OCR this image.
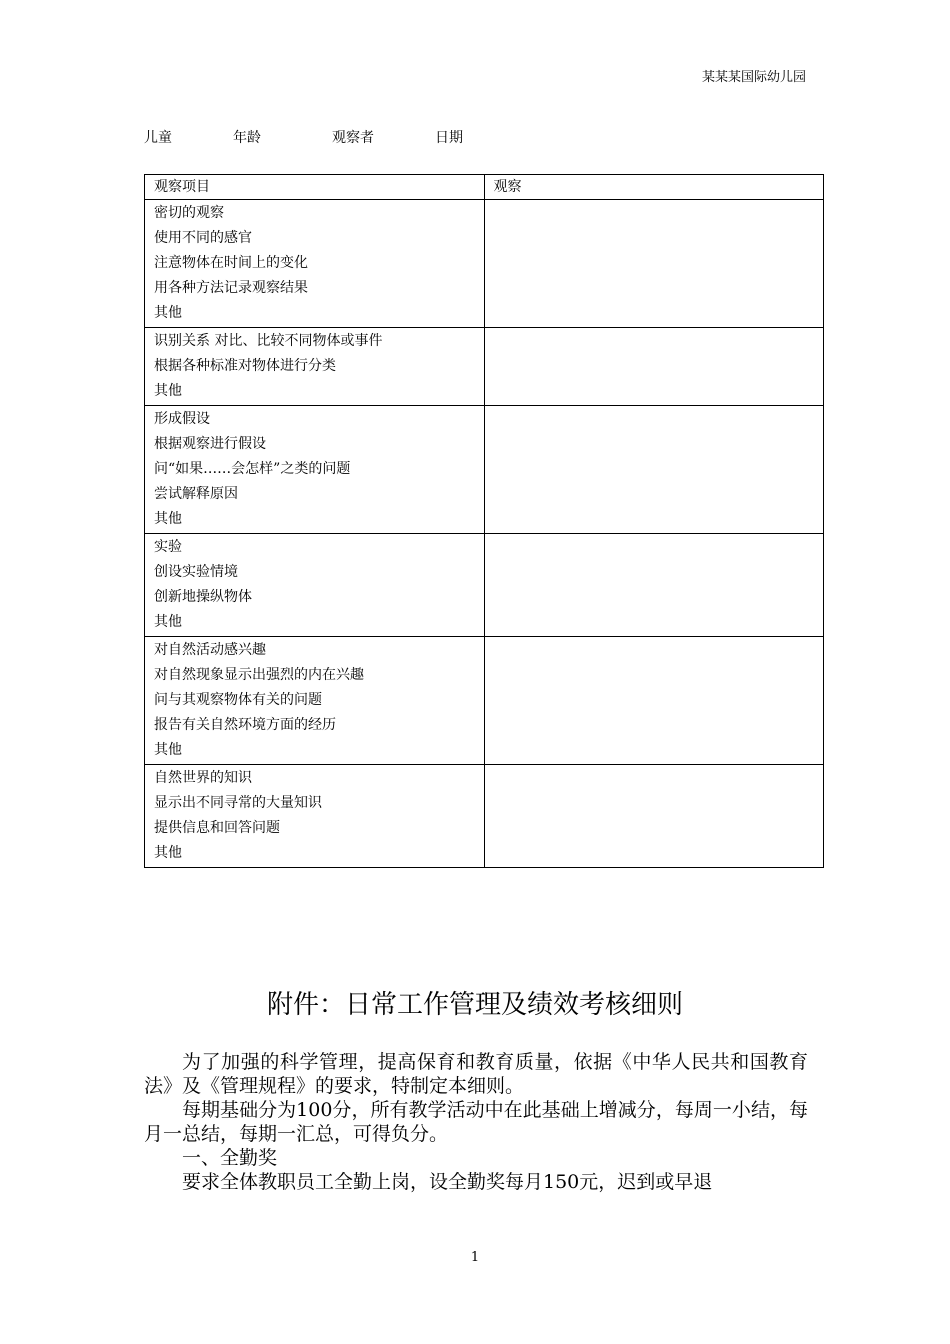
某某某国际幼儿园
儿童	年龄	观察者	日期
观察项目	观察

密切的观察
使用不同的感官
注意物体在时间上的变化
用各种方法记录观察结果
其他	

识别关系 对比、比较不同物体或事件
根据各种标准对物体进行分类
其他	

形成假设
根据观察进行假设
问“如果……会怎样”之类的问题
尝试解释原因
其他	

实验
创设实验情境
创新地操纵物体
其他	

对自然活动感兴趣
对自然现象显示出强烈的内在兴趣
问与其观察物体有关的问题
报告有关自然环境方面的经历
其他	

自然世界的知识
显示出不同寻常的大量知识
提供信息和回答问题
其他	

附件：日常工作管理及绩效考核细则

为了加强的科学管理，提高保育和教育质量，依据《中华人民共和国教育法》及《管理规程》的要求，特制定本细则。

每期基础分为100分，所有教学活动中在此基础上增减分，每周一小结，每月一总结，每期一汇总，可得负分。

一、全勤奖

要求全体教职员工全勤上岗，设全勤奖每月150元，迟到或早退

1
